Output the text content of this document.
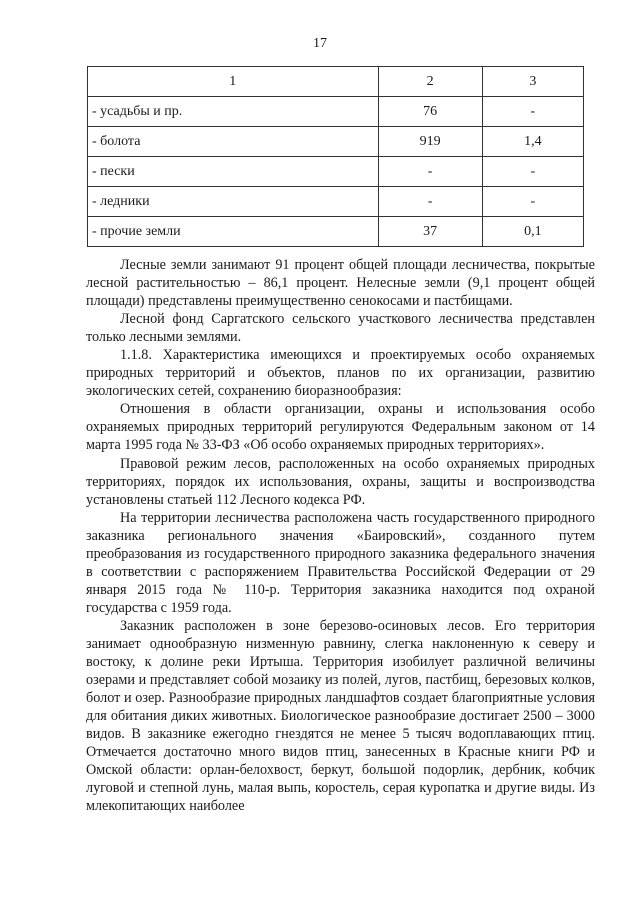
17
1	2	3
- усадьбы и пр.	76	-
- болота	919	1,4
- пески	-	-
- ледники	-	-
- прочие земли	37	0,1

Лесные земли занимают 91 процент общей площади лесничества, покрытые лесной растительностью – 86,1 процент. Нелесные земли (9,1 процент общей площади) представлены преимущественно сенокосами и пастбищами.

Лесной фонд Саргатского сельского участкового лесничества представлен только лесными землями.

1.1.8. Характеристика имеющихся и проектируемых особо охраняемых природных территорий и объектов, планов по их организации, развитию экологических сетей, сохранению биоразнообразия:

Отношения в области организации, охраны и использования особо охраняемых природных территорий регулируются Федеральным законом от 14 марта 1995 года № 33-ФЗ «Об особо охраняемых природных территориях».

Правовой режим лесов, расположенных на особо охраняемых природных территориях, порядок их использования, охраны, защиты и воспроизводства установлены статьей 112 Лесного кодекса РФ.

На территории лесничества расположена часть государственного природного заказника регионального значения «Баировский», созданного путем преобразования из государственного природного заказника федерального значения в соответствии с распоряжением Правительства Российской Федерации от 29 января 2015 года № 110-р. Территория заказника находится под охраной государства с 1959 года.

Заказник расположен в зоне березово-осиновых лесов. Его территория занимает однообразную низменную равнину, слегка наклоненную к северу и востоку, к долине реки Иртыша. Территория изобилует различной величины озерами и представляет собой мозаику из полей, лугов, пастбищ, березовых колков, болот и озер. Разнообразие природных ландшафтов создает благоприятные условия для обитания диких животных. Биологическое разнообразие достигает 2500 – 3000 видов. В заказнике ежегодно гнездятся не менее 5 тысяч водоплавающих птиц. Отмечается достаточно много видов птиц, занесенных в Красные книги РФ и Омской области: орлан-белохвост, беркут, большой подорлик, дербник, кобчик луговой и степной лунь, малая выпь, коростель, серая куропатка и другие виды. Из млекопитающих наиболее
